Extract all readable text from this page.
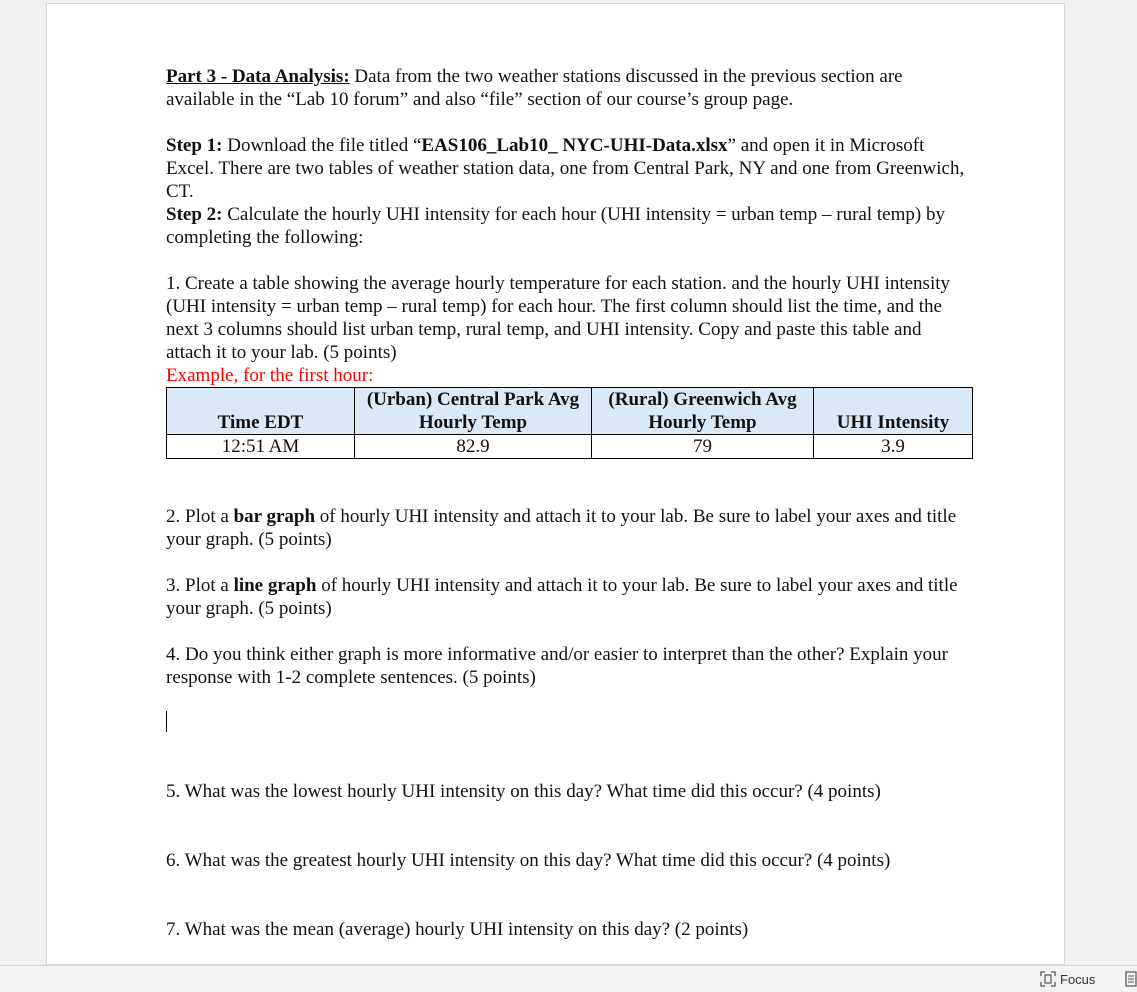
Part 3 - Data Analysis: Data from the two weather stations discussed in the previous section are available in the “Lab 10 forum” and also “file” section of our course’s group page.

Step 1: Download the file titled “EAS106_Lab10_ NYC-UHI-Data.xlsx” and open it in Microsoft Excel. There are two tables of weather station data, one from Central Park, NY and one from Greenwich, CT.

Step 2: Calculate the hourly UHI intensity for each hour (UHI intensity = urban temp – rural temp) by completing the following:

1. Create a table showing the average hourly temperature for each station. and the hourly UHI intensity (UHI intensity = urban temp – rural temp) for each hour. The first column should list the time, and the next 3 columns should list urban temp, rural temp, and UHI intensity. Copy and paste this table and attach it to your lab. (5 points)

Example, for the first hour:

Time EDT	(Urban) Central Park Avg Hourly Temp	(Rural) Greenwich Avg Hourly Temp	UHI Intensity
12:51 AM	82.9	79	3.9

2. Plot a bar graph of hourly UHI intensity and attach it to your lab. Be sure to label your axes and title your graph. (5 points)

3. Plot a line graph of hourly UHI intensity and attach it to your lab. Be sure to label your axes and title your graph. (5 points)

4. Do you think either graph is more informative and/or easier to interpret than the other? Explain your response with 1-2 complete sentences. (5 points)

5. What was the lowest hourly UHI intensity on this day? What time did this occur? (4 points)

6. What was the greatest hourly UHI intensity on this day? What time did this occur? (4 points)

7. What was the mean (average) hourly UHI intensity on this day? (2 points)

Focus
